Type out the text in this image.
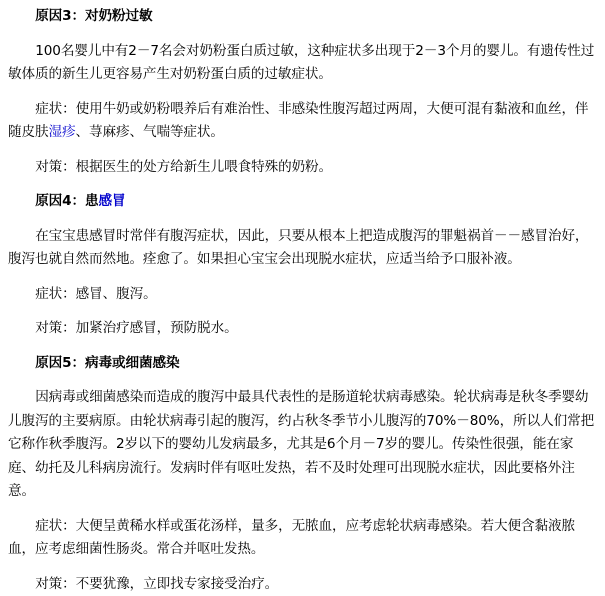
原因3：对奶粉过敏

100名婴儿中有2－7名会对奶粉蛋白质过敏，这种症状多出现于2－3个月的婴儿。有遗传性过敏体质的新生儿更容易产生对奶粉蛋白质的过敏症状。

症状：使用牛奶或奶粉喂养后有难治性、非感染性腹泻超过两周，大便可混有黏液和血丝，伴随皮肤湿疹、荨麻疹、气喘等症状。

对策：根据医生的处方给新生儿喂食特殊的奶粉。

原因4：患感冒

在宝宝患感冒时常伴有腹泻症状，因此，只要从根本上把造成腹泻的罪魁祸首－－感冒治好，腹泻也就自然而然地。痊愈了。如果担心宝宝会出现脱水症状，应适当给予口服补液。

症状：感冒、腹泻。

对策：加紧治疗感冒，预防脱水。

原因5：病毒或细菌感染

因病毒或细菌感染而造成的腹泻中最具代表性的是肠道轮状病毒感染。轮状病毒是秋冬季婴幼儿腹泻的主要病原。由轮状病毒引起的腹泻，约占秋冬季节小儿腹泻的70%－80%，所以人们常把它称作秋季腹泻。2岁以下的婴幼儿发病最多，尤其是6个月－7岁的婴儿。传染性很强，能在家庭、幼托及儿科病房流行。发病时伴有呕吐发热，若不及时处理可出现脱水症状，因此要格外注意。

症状：大便呈黄稀水样或蛋花汤样，量多，无脓血，应考虑轮状病毒感染。若大便含黏液脓血，应考虑细菌性肠炎。常合并呕吐发热。

对策：不要犹豫，立即找专家接受治疗。
